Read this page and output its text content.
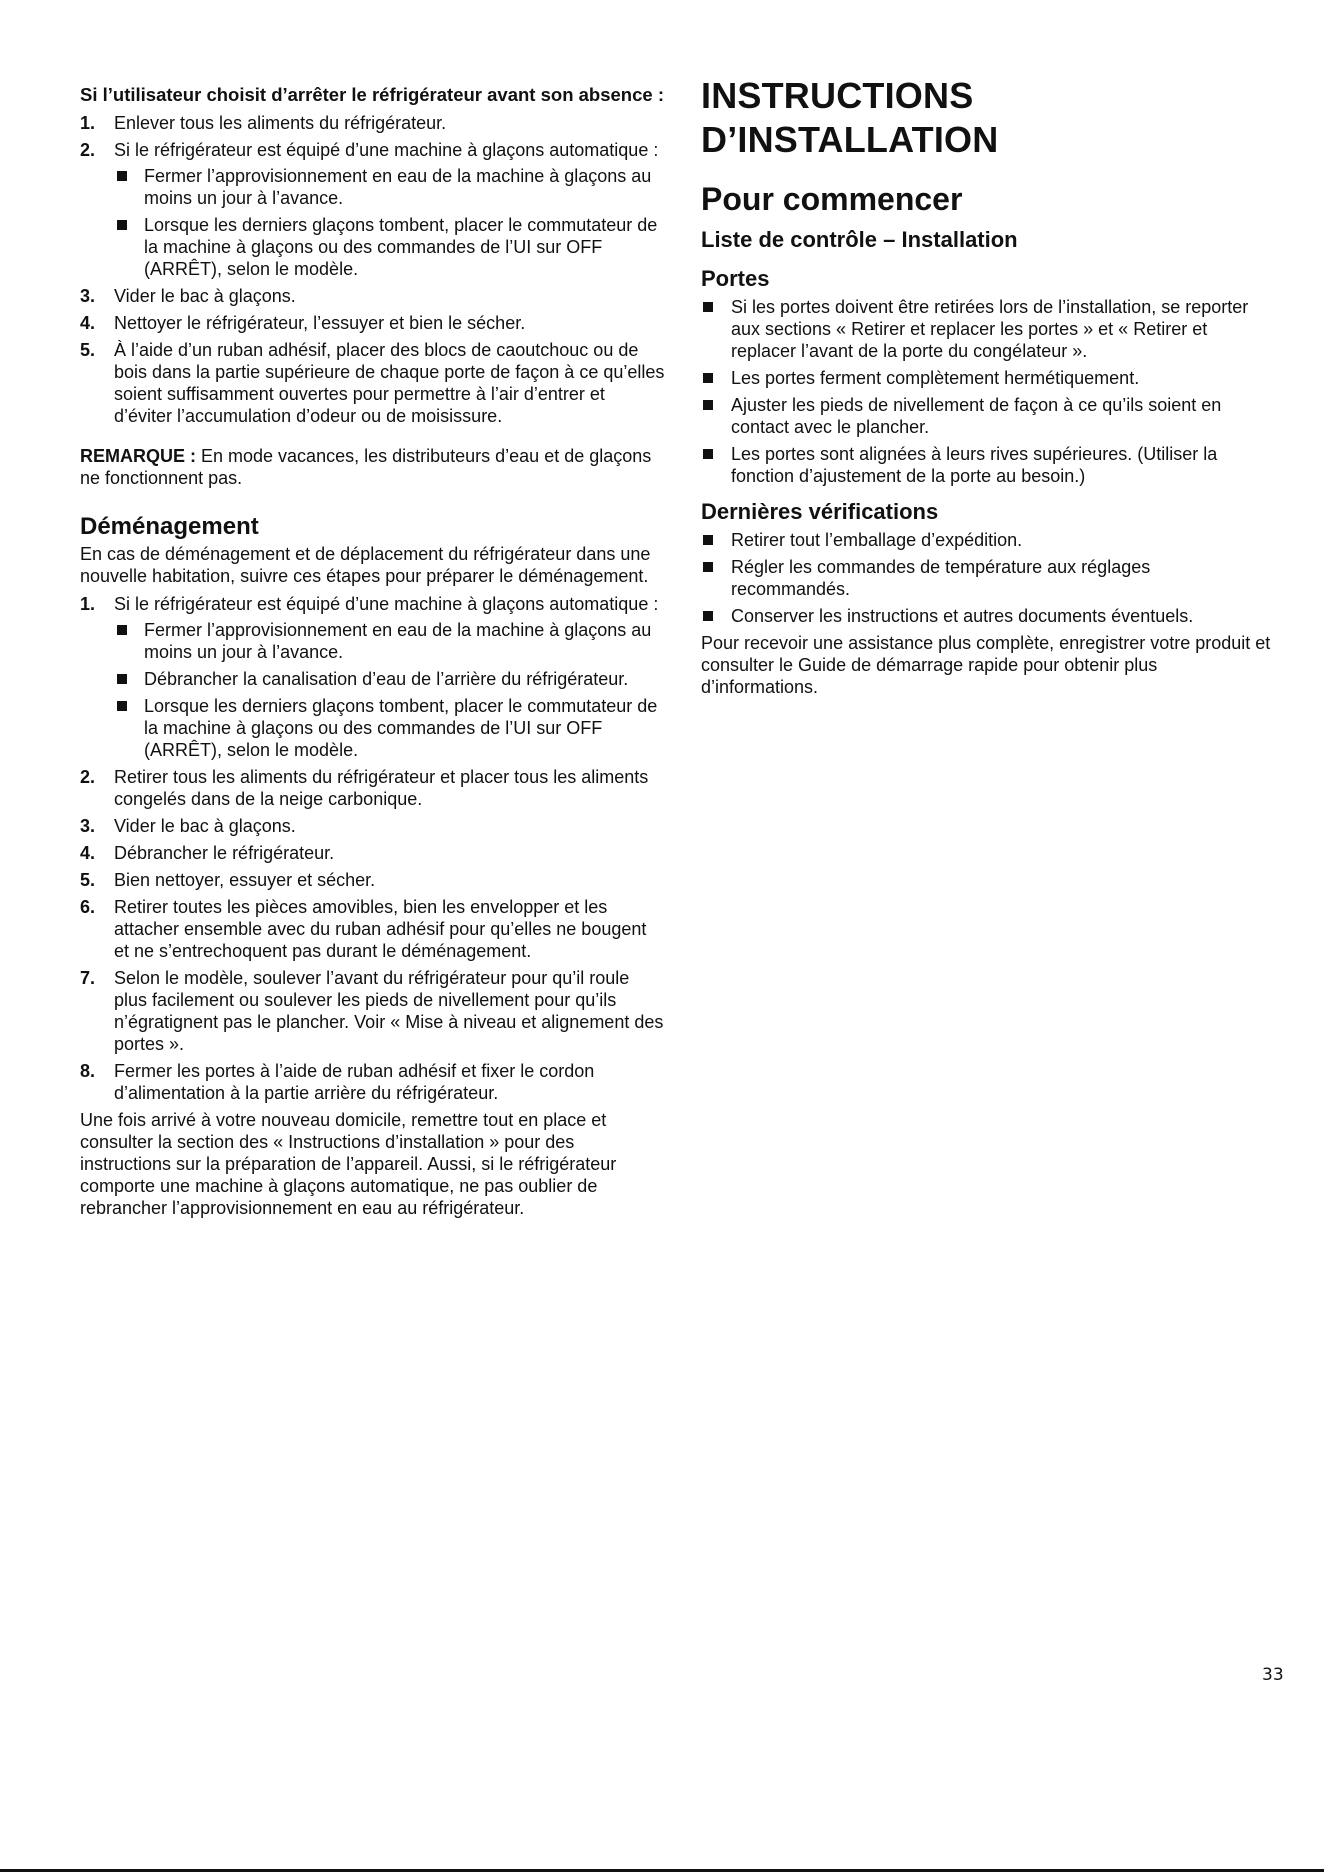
Si l’utilisateur choisit d’arrêter le réfrigérateur avant son absence :

1.	Enlever tous les aliments du réfrigérateur.
2.	Si le réfrigérateur est équipé d’une machine à glaçons automatique :
Fermer l’approvisionnement en eau de la machine à glaçons au moins un jour à l’avance.
Lorsque les derniers glaçons tombent, placer le commutateur de la machine à glaçons ou des commandes de l’UI sur OFF (ARRÊT), selon le modèle.
3.	Vider le bac à glaçons.
4.	Nettoyer le réfrigérateur, l’essuyer et bien le sécher.
5.	À l’aide d’un ruban adhésif, placer des blocs de caoutchouc ou de bois dans la partie supérieure de chaque porte de façon à ce qu’elles soient suffisamment ouvertes pour permettre à l’air d’entrer et d’éviter l’accumulation d’odeur ou de moisissure.

REMARQUE : En mode vacances, les distributeurs d’eau et de glaçons ne fonctionnent pas.

Déménagement

En cas de déménagement et de déplacement du réfrigérateur dans une nouvelle habitation, suivre ces étapes pour préparer le déménagement.

1.	Si le réfrigérateur est équipé d’une machine à glaçons automatique :
Fermer l’approvisionnement en eau de la machine à glaçons au moins un jour à l’avance.
Débrancher la canalisation d’eau de l’arrière du réfrigérateur.
Lorsque les derniers glaçons tombent, placer le commutateur de la machine à glaçons ou des commandes de l’UI sur OFF (ARRÊT), selon le modèle.
2.	Retirer tous les aliments du réfrigérateur et placer tous les aliments congelés dans de la neige carbonique.
3.	Vider le bac à glaçons.
4.	Débrancher le réfrigérateur.
5.	Bien nettoyer, essuyer et sécher.
6.	Retirer toutes les pièces amovibles, bien les envelopper et les attacher ensemble avec du ruban adhésif pour qu’elles ne bougent et ne s’entrechoquent pas durant le déménagement.
7.	Selon le modèle, soulever l’avant du réfrigérateur pour qu’il roule plus facilement ou soulever les pieds de nivellement pour qu’ils n’égratignent pas le plancher. Voir « Mise à niveau et alignement des portes ».
8.	Fermer les portes à l’aide de ruban adhésif et fixer le cordon d’alimentation à la partie arrière du réfrigérateur.

Une fois arrivé à votre nouveau domicile, remettre tout en place et consulter la section des « Instructions d’installation » pour des instructions sur la préparation de l’appareil. Aussi, si le réfrigérateur comporte une machine à glaçons automatique, ne pas oublier de rebrancher l’approvisionnement en eau au réfrigérateur.

INSTRUCTIONS D’INSTALLATION
Pour commencer
Liste de contrôle – Installation
Portes
Si les portes doivent être retirées lors de l’installation, se reporter aux sections « Retirer et replacer les portes » et « Retirer et replacer l’avant de la porte du congélateur ».
Les portes ferment complètement hermétiquement.
Ajuster les pieds de nivellement de façon à ce qu’ils soient en contact avec le plancher.
Les portes sont alignées à leurs rives supérieures. (Utiliser la fonction d’ajustement de la porte au besoin.)
Dernières vérifications
Retirer tout l’emballage d’expédition.
Régler les commandes de température aux réglages recommandés.
Conserver les instructions et autres documents éventuels.

Pour recevoir une assistance plus complète, enregistrer votre produit et consulter le Guide de démarrage rapide pour obtenir plus d’informations.

33
